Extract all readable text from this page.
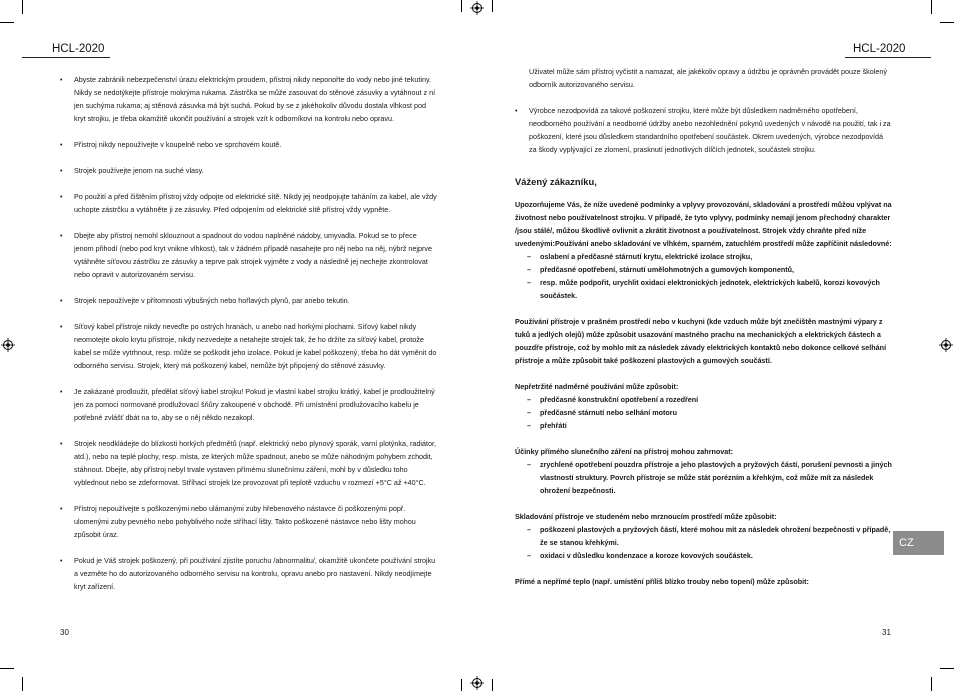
HCL-2020
• Abyste zabránili nebezpečenství úrazu elektrickým proudem, přístroj nikdy neponořte do vody nebo jiné tekutiny. Nikdy se nedotýkejte přístroje mokrýma rukama. Zástrčka se může zasouvat do stěnové zásuvky a vytáhnout z ní jen suchýma rukama; aj stěnová zásuvka má být suchá. Pokud by se z jakéhokoliv důvodu dostala vlhkost pod kryt strojku, je třeba okamžitě ukončit používání a strojek vzít k odborníkovi na kontrolu nebo opravu.
• Přístroj nikdy nepoužívejte v koupelně nebo ve sprchovém koutě.
• Strojek používejte jenom na suché vlasy.
• Po použití a před čištěním přístroj vždy odpojte od elektrické sítě. Nikdy jej neodpojujte taháním za kabel, ale vždy uchopte zástrčku a vytáhněte ji ze zásuvky. Před odpojením od elektrické sítě přístroj vždy vypněte.
• Dbejte aby přístroj nemohl sklouznout a spadnout do vodou naplněné nádoby, umyvadla. Pokud se to přece jenom přihodí (nebo pod kryt vnikne vlhkost), tak v žádném případě nasahejte pro něj nebo na něj, nýbrž nejprve vytáhněte síťovou zástrčku ze zásuvky a teprve pak strojek vyjměte z vody a následně jej nechejte zkontrolovat nebo opravit v autorizovaném servisu.
• Strojek nepoužívejte v přítomnosti výbušných nebo hořlavých plynů, par anebo tekutin.
• Síťový kabel přístroje nikdy neveďte po ostrých hranách, u anebo nad horkými plochami. Síťový kabel nikdy neomotejte okolo krytu přístroje, nikdy nezvedejte a netahejte strojek tak, že ho držíte za síťový kabel, protože kabel se může vytrhnout, resp. může se poškodit jeho izolace. Pokud je kabel poškozený, třeba ho dát vyměnit do odborného servisu. Strojek, který má poškozený kabel, nemůže být připojený do stěnové zásuvky.
• Je zakázané prodloužit, předělat síťový kabel strojku! Pokud je vlastní kabel strojku krátký, kabel je prodloužitelný jen za pomoci normované prodlužovací šňůry zakoupené v obchodě. Při umístnění prodlužovacího kabelu je potřebné zvlášť dbát na to, aby se o něj někdo nezakopl.
• Strojek neodkládejte do blízkosti horkých předmětů (např. elektrický nebo plynový sporák, varní plotýnka, radiátor, atd.), nebo na teplé plochy, resp. místa, ze kterých může spadnout, anebo se může náhodným pohybem zchodit, stáhnout. Dbejte, aby přístroj nebyl trvale vystaven přímému slunečnímu záření, mohl by v důsledku toho vyblednout nebo se zdeformovat. Stříhací strojek lze provozovat při teplotě vzduchu v rozmezí +5°C až +40°C.
• Přístroj nepoužívejte s poškozenými nebo ulámanými zuby hřebenového nástavce či poškozenými popř. ulomenými zuby pevného nebo pohyblivého nože stříhací lišty. Takto poškozené nástavce nebo lišty mohou způsobit úraz.
• Pokud je Váš strojek poškozený, při používání zjistíte poruchu /abnormalitu/, okamžitě ukončete používání strojku a vezměte ho do autorizovaného odborného servisu na kontrolu, opravu anebo pro nastavení. Nikdy neodjímejte kryt zařízení.
30
HCL-2020
Uživatel může sám přístroj vyčistit a namazat, ale jakékoliv opravy a údržbu je oprávněn provádět pouze školený odborník autorizovaného servisu.
• Výrobce nezodpovídá za takové poškození strojku, které může být důsledkem nadměrného opotřebení, neodborného používání a neodborné údržby anebo nezohlednění pokynů uvedených v návodě na použití, tak i za poškození, které jsou důsledkem standardního opotřebení součástek. Okrem uvedených, výrobce nezodpovídá za škody vyplývající ze zlomení, prasknutí jednotlivých dílčích jednotek, součástek strojku.
Vážený zákazníku,

Upozorňujeme Vás, že níže uvedené podmínky a vplyvy provozování, skladování a prostředí můžou vplývat na životnost nebo používatelnost strojku. V případě, že tyto vplyvy, podmínky nemají jenom přechodný charakter /jsou stálé/, můžou škodlivě ovlivnit a zkrátit životnost a používatelnost. Strojek vždy chraňte před níže uvedenými:Používání anebo skladování ve vlhkém, sparném, zatuchlém prostředí může zapříčinit následovné:

– oslabení a předčasné stárnutí krytu, elektrické izolace strojku,
– předčasné opotřebení, stárnutí umělohmotných a gumových komponentů,
– resp. může podpořit, urychlit oxidaci elektronických jednotek, elektrických kabelů, korozi kovových součástek.

Používání přístroje v prašném prostředí nebo v kuchyni (kde vzduch může být znečištěn mastnými výpary z tuků a jedlých olejů) může způsobit usazování mastného prachu na mechanických a elektrických částech a pouzdře přístroje, což by mohlo mít za následek závady elektrických kontaktů nebo dokonce celkové selhání přístroje a může způsobit také poškození plastových a gumových součástí.

Nepřetržité nadměrné používání může způsobit:

– předčasné konstrukční opotřebení a rozedření
– předčasné stárnutí nebo selhání motoru
– přehřátí

Účinky přímého slunečního záření na přístroj mohou zahrnovat:

– zrychlené opotřebení pouzdra přístroje a jeho plastových a pryžových částí, porušení pevnosti a jiných vlastností struktury. Povrch přístroje se může stát porézním a křehkým, což může mít za následek ohrožení bezpečnosti.

Skladování přístroje ve studeném nebo mrznoucím prostředí může způsobit:

– poškození plastových a pryžových částí, které mohou mít za následek ohrožení bezpečnosti v případě, že se stanou křehkými.
– oxidaci v důsledku kondenzace a koroze kovových součástek.

Přímé a nepřímé teplo (např. umístění příliš blízko trouby nebo topení) může způsobit:

CZ
31
